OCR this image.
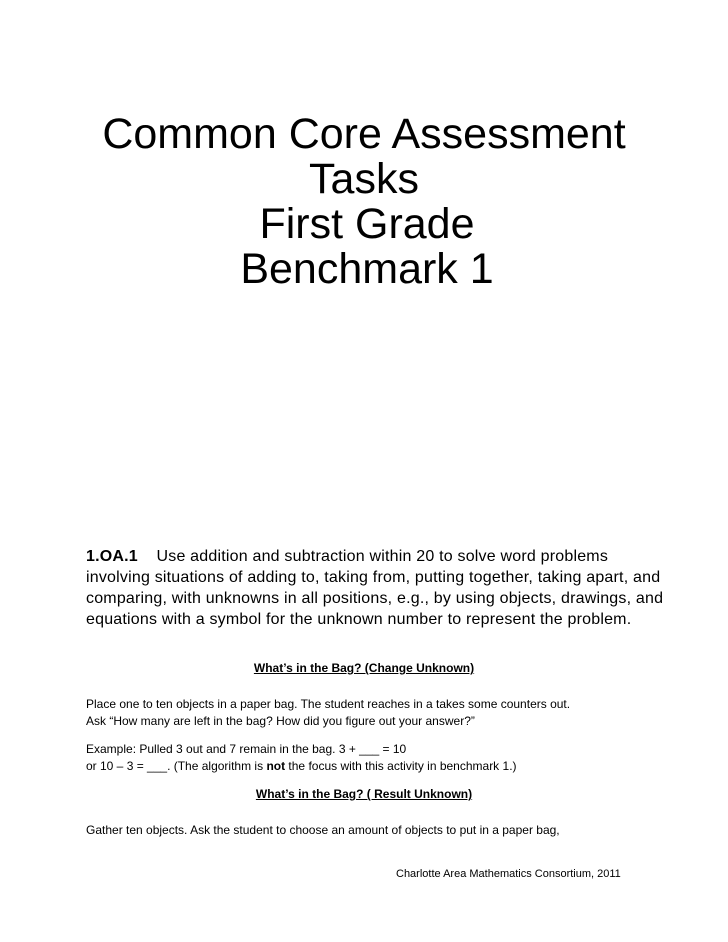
Common Core Assessment
Tasks
First Grade
Benchmark 1
1.OA.1 Use addition and subtraction within 20 to solve word problems involving situations of adding to, taking from, putting together, taking apart, and comparing, with unknowns in all positions, e.g., by using objects, drawings, and equations with a symbol for the unknown number to represent the problem.
What’s in the Bag? (Change Unknown)
Place one to ten objects in a paper bag. The student reaches in a takes some counters out.
Ask “How many are left in the bag? How did you figure out your answer?”
Example: Pulled 3 out and 7 remain in the bag. 3 + ___ = 10
or 10 – 3 = ___. (The algorithm is not the focus with this activity in benchmark 1.)
What’s in the Bag? ( Result Unknown)
Gather ten objects. Ask the student to choose an amount of objects to put in a paper bag,
Charlotte Area Mathematics Consortium, 2011
